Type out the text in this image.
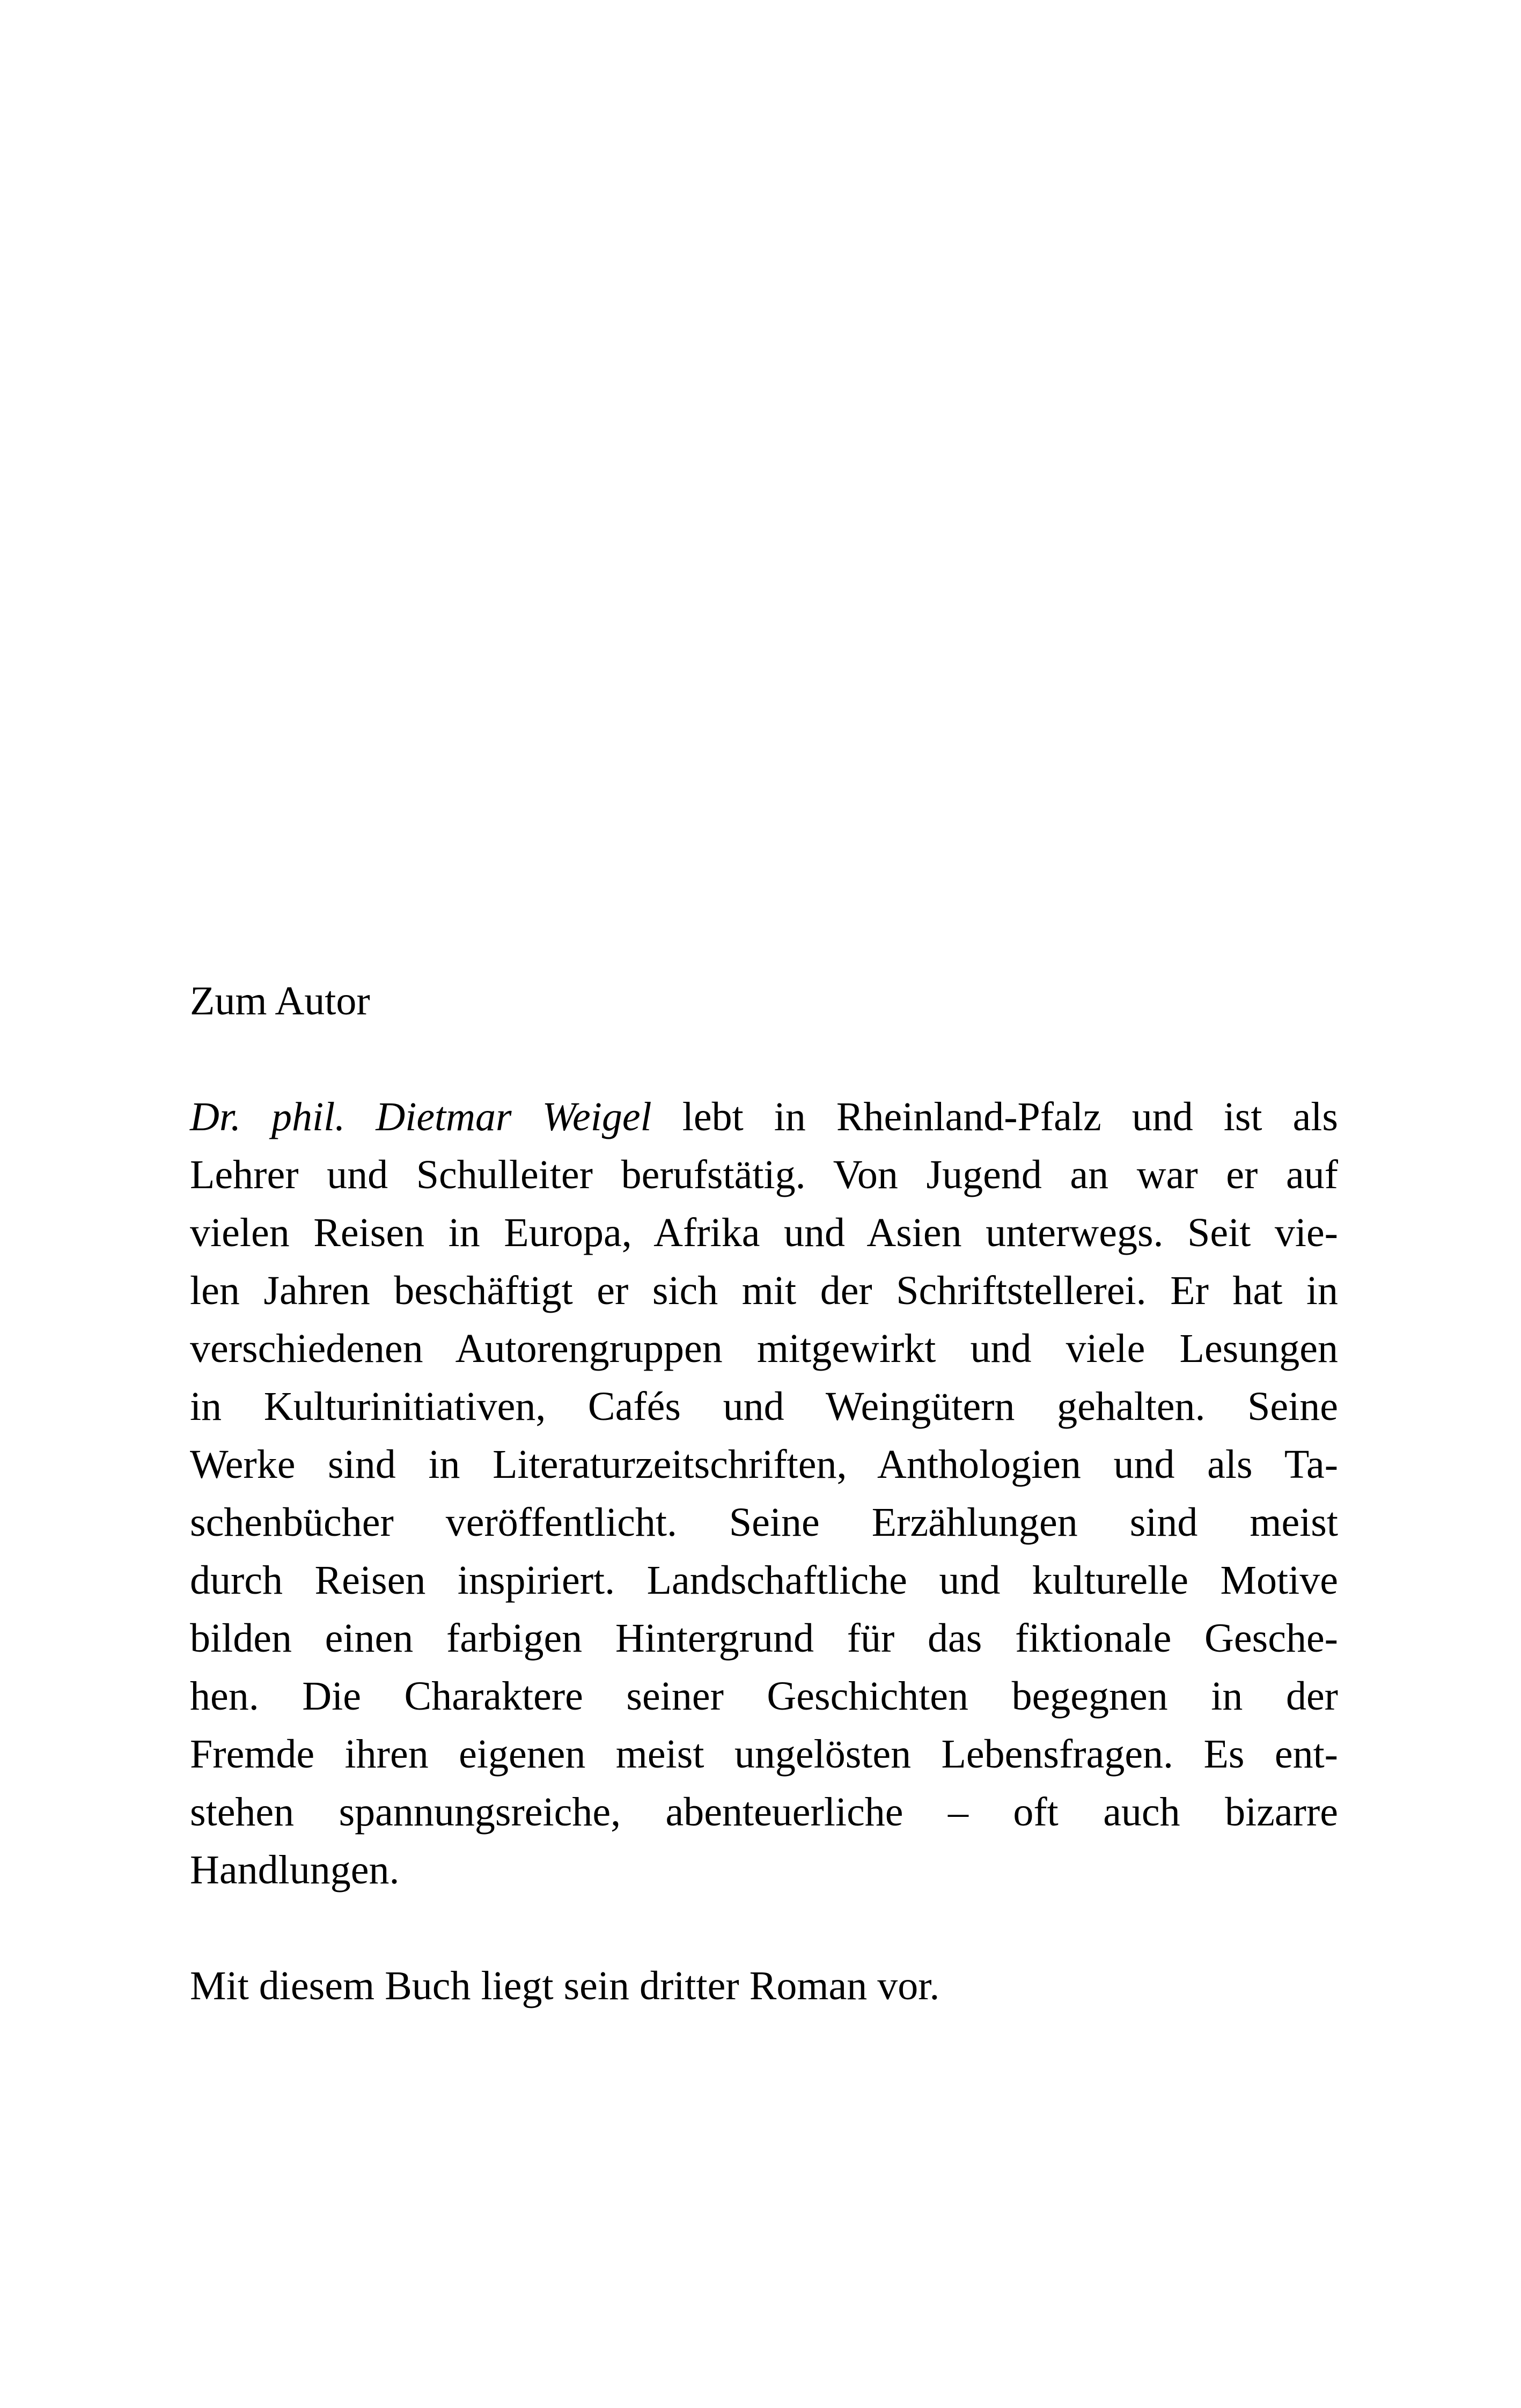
Zum Autor
Dr. phil. Dietmar Weigel lebt in Rheinland-Pfalz und ist als
Lehrer und Schulleiter berufstätig. Von Jugend an war er auf
vielen Reisen in Europa, Afrika und Asien unterwegs. Seit vie-
len Jahren beschäftigt er sich mit der Schriftstellerei. Er hat in
verschiedenen Autorengruppen mitgewirkt und viele Lesungen
in Kulturinitiativen, Cafés und Weingütern gehalten. Seine
Werke sind in Literaturzeitschriften, Anthologien und als Ta-
schenbücher veröffentlicht. Seine Erzählungen sind meist
durch Reisen inspiriert. Landschaftliche und kulturelle Motive
bilden einen farbigen Hintergrund für das fiktionale Gesche-
hen. Die Charaktere seiner Geschichten begegnen in der
Fremde ihren eigenen meist ungelösten Lebensfragen. Es ent-
stehen spannungsreiche, abenteuerliche – oft auch bizarre
Handlungen.
Mit diesem Buch liegt sein dritter Roman vor.
